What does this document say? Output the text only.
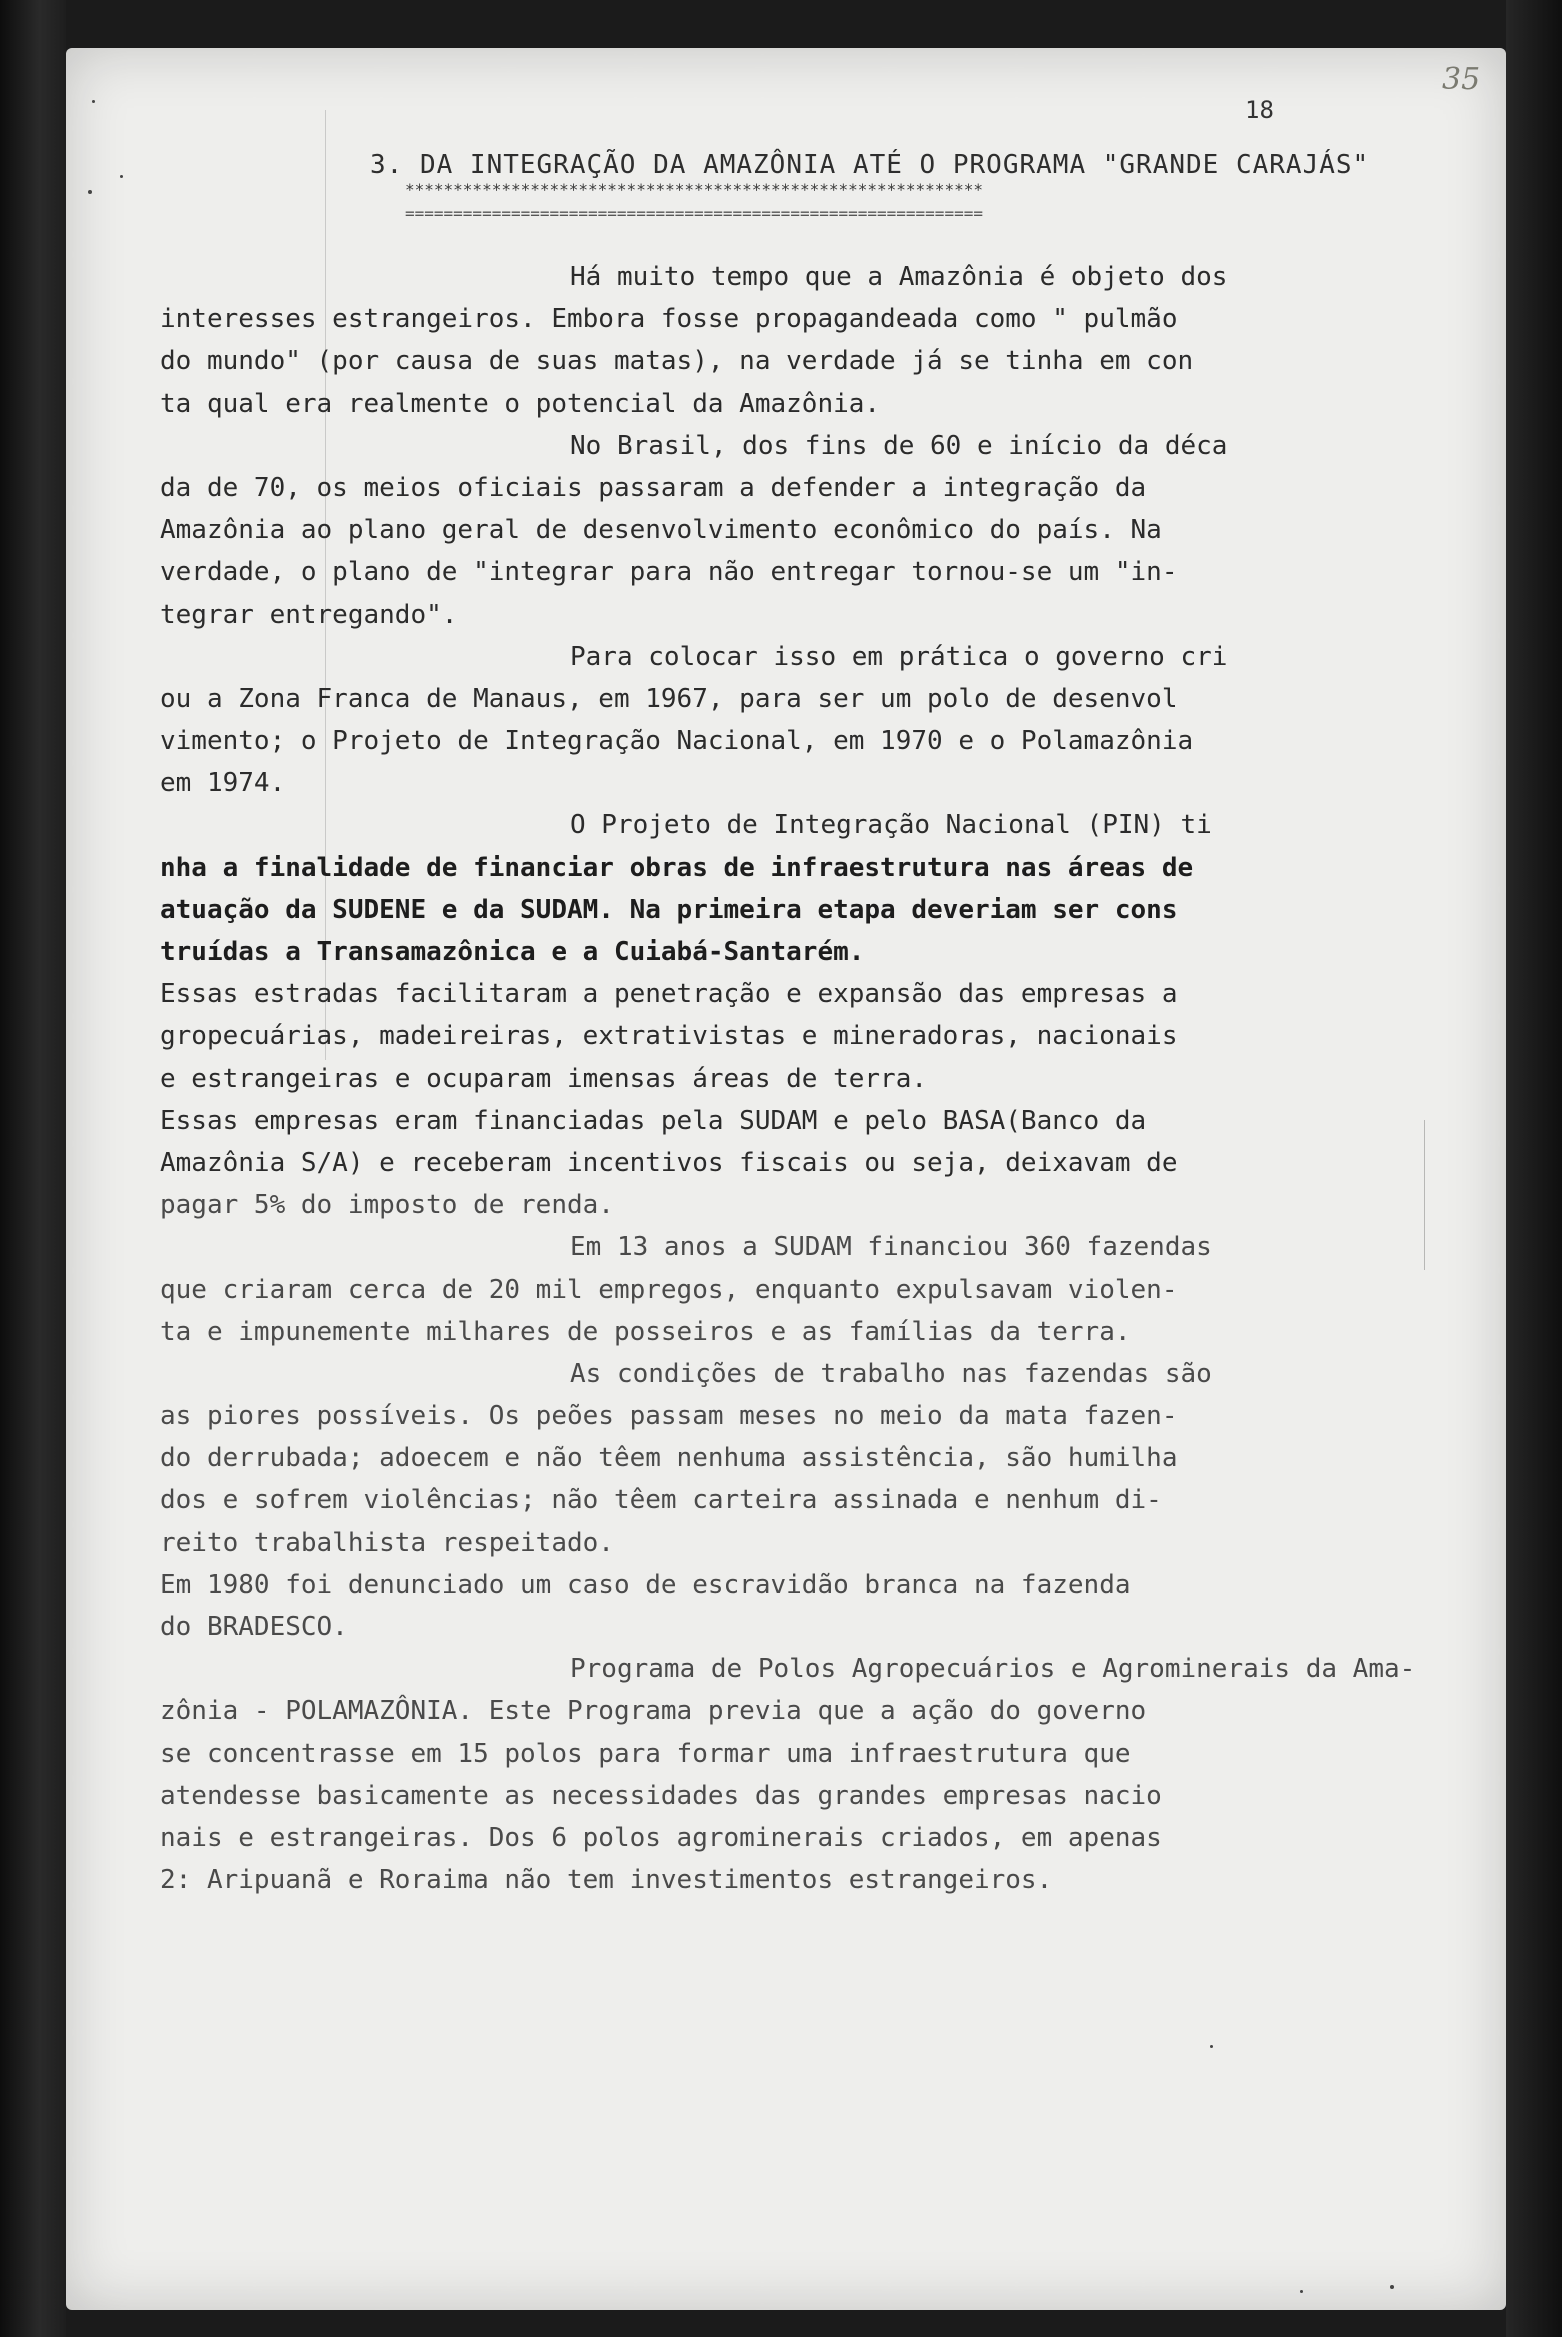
35
18
3. DA INTEGRAÇÃO DA AMAZÔNIA ATÉ O PROGRAMA "GRANDE CARAJÁS"
************************************************************
============================================================
Há muito tempo que a Amazônia é objeto dos
interesses estrangeiros. Embora fosse propagandeada como " pulmão
do mundo" (por causa de suas matas), na verdade já se tinha em con
ta qual era realmente o potencial da Amazônia.
No Brasil, dos fins de 60 e início da déca
da de 70, os meios oficiais passaram a defender a integração da
Amazônia ao plano geral de desenvolvimento econômico do país. Na
verdade, o plano de "integrar para não entregar tornou-se um "in-
tegrar entregando".
Para colocar isso em prática o governo cri
ou a Zona Franca de Manaus, em 1967, para ser um polo de desenvol
vimento; o Projeto de Integração Nacional, em 1970 e o Polamazônia
em 1974.
O Projeto de Integração Nacional (PIN) ti
nha a finalidade de financiar obras de infraestrutura nas áreas de
atuação da SUDENE e da SUDAM. Na primeira etapa deveriam ser cons
truídas a Transamazônica e a Cuiabá-Santarém.
Essas estradas facilitaram a penetração e expansão das empresas a
gropecuárias, madeireiras, extrativistas e mineradoras, nacionais
e estrangeiras e ocuparam imensas áreas de terra.
Essas empresas eram financiadas pela SUDAM e pelo BASA(Banco da
Amazônia S/A) e receberam incentivos fiscais ou seja, deixavam de
pagar 5% do imposto de renda.
Em 13 anos a SUDAM financiou 360 fazendas
que criaram cerca de 20 mil empregos, enquanto expulsavam violen-
ta e impunemente milhares de posseiros e as famílias da terra.
As condições de trabalho nas fazendas são
as piores possíveis. Os peões passam meses no meio da mata fazen-
do derrubada; adoecem e não têem nenhuma assistência, são humilha
dos e sofrem violências; não têem carteira assinada e nenhum di-
reito trabalhista respeitado.
Em 1980 foi denunciado um caso de escravidão branca na fazenda
do BRADESCO.
Programa de Polos Agropecuários e Agrominerais da Ama-
zônia - POLAMAZÔNIA. Este Programa previa que a ação do governo
se concentrasse em 15 polos para formar uma infraestrutura que
atendesse basicamente as necessidades das grandes empresas nacio
nais e estrangeiras. Dos 6 polos agrominerais criados, em apenas
2: Aripuanã e Roraima não tem investimentos estrangeiros.
